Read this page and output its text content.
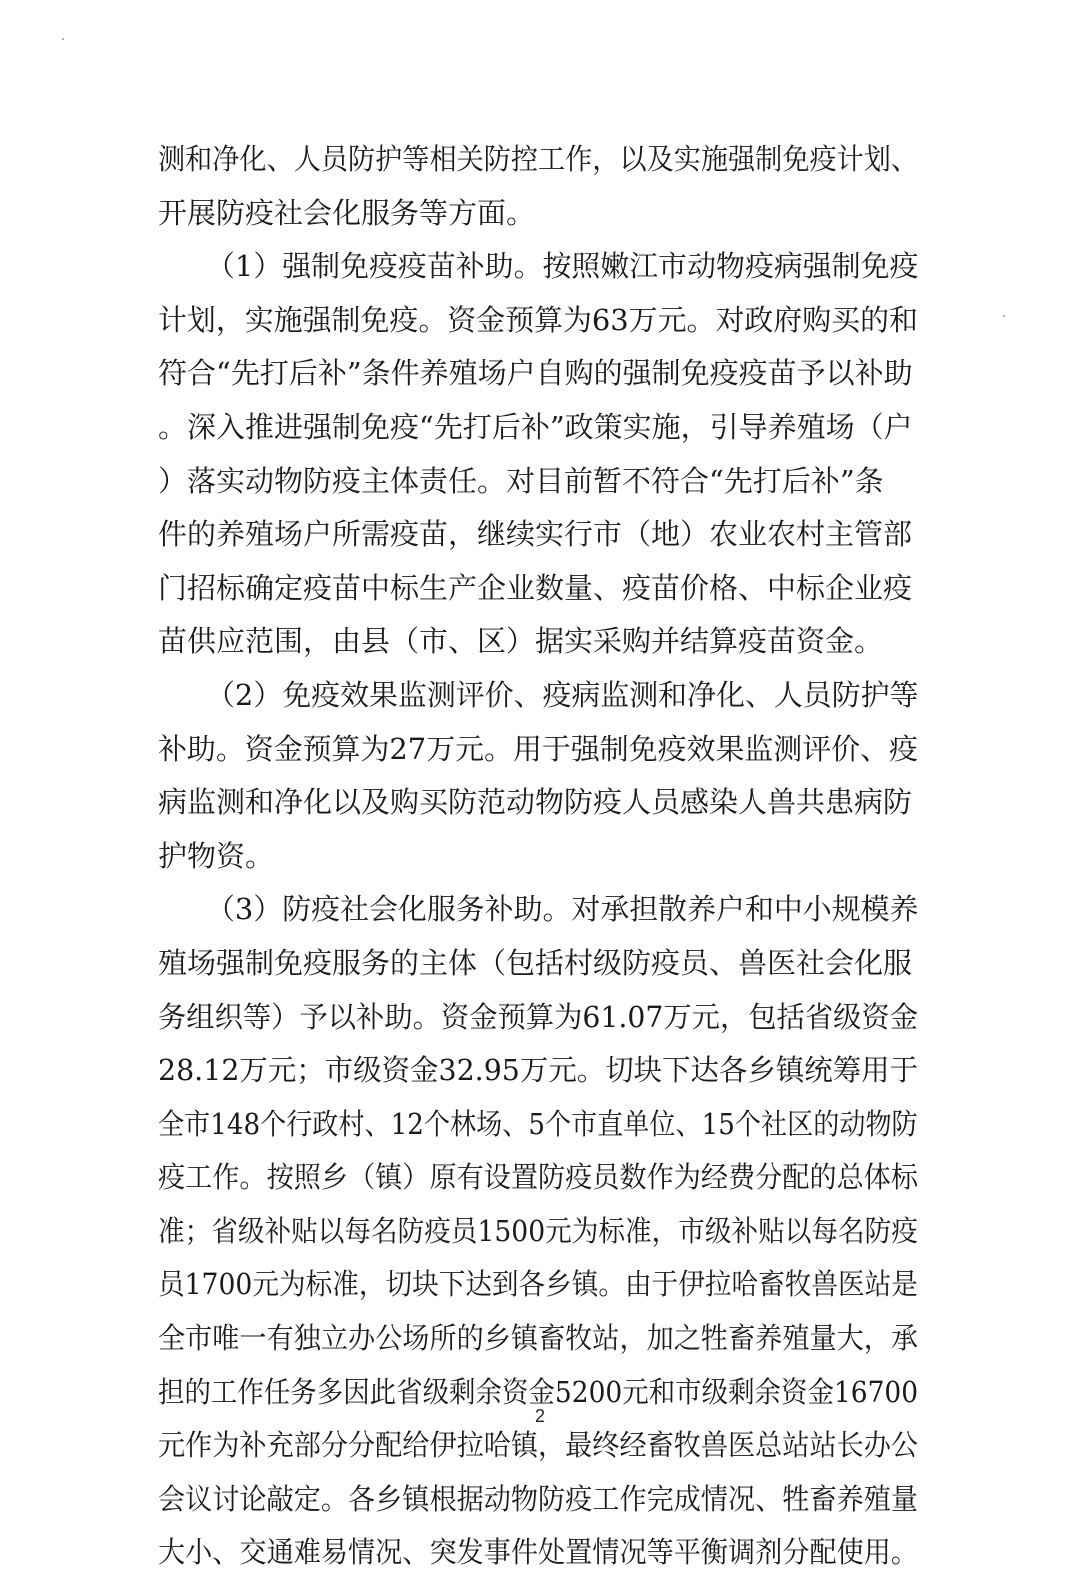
测和净化、人员防护等相关防控工作，以及实施强制免疫计划、
开展防疫社会化服务等方面。
（1）强制免疫疫苗补助。按照嫩江市动物疫病强制免疫
计划，实施强制免疫。资金预算为63万元。对政府购买的和
符合“先打后补”条件养殖场户自购的强制免疫疫苗予以补助
。深入推进强制免疫“先打后补”政策实施，引导养殖场（户
）落实动物防疫主体责任。对目前暂不符合“先打后补”条
件的养殖场户所需疫苗，继续实行市（地）农业农村主管部
门招标确定疫苗中标生产企业数量、疫苗价格、中标企业疫
苗供应范围，由县（市、区）据实采购并结算疫苗资金。
（2）免疫效果监测评价、疫病监测和净化、人员防护等
补助。资金预算为27万元。用于强制免疫效果监测评价、疫
病监测和净化以及购买防范动物防疫人员感染人兽共患病防
护物资。
（3）防疫社会化服务补助。对承担散养户和中小规模养
殖场强制免疫服务的主体（包括村级防疫员、兽医社会化服
务组织等）予以补助。资金预算为61.07万元，包括省级资金
28.12万元；市级资金32.95万元。切块下达各乡镇统筹用于
全市148个行政村、12个林场、5个市直单位、15个社区的动物防
疫工作。按照乡（镇）原有设置防疫员数作为经费分配的总体标
准；省级补贴以每名防疫员1500元为标准，市级补贴以每名防疫
员1700元为标准，切块下达到各乡镇。由于伊拉哈畜牧兽医站是
全市唯一有独立办公场所的乡镇畜牧站，加之牲畜养殖量大，承
担的工作任务多因此省级剩余资金5200元和市级剩余资金16700
元作为补充部分分配给伊拉哈镇，最终经畜牧兽医总站站长办公
会议讨论敲定。各乡镇根据动物防疫工作完成情况、牲畜养殖量
大小、交通难易情况、突发事件处置情况等平衡调剂分配使用。
2
